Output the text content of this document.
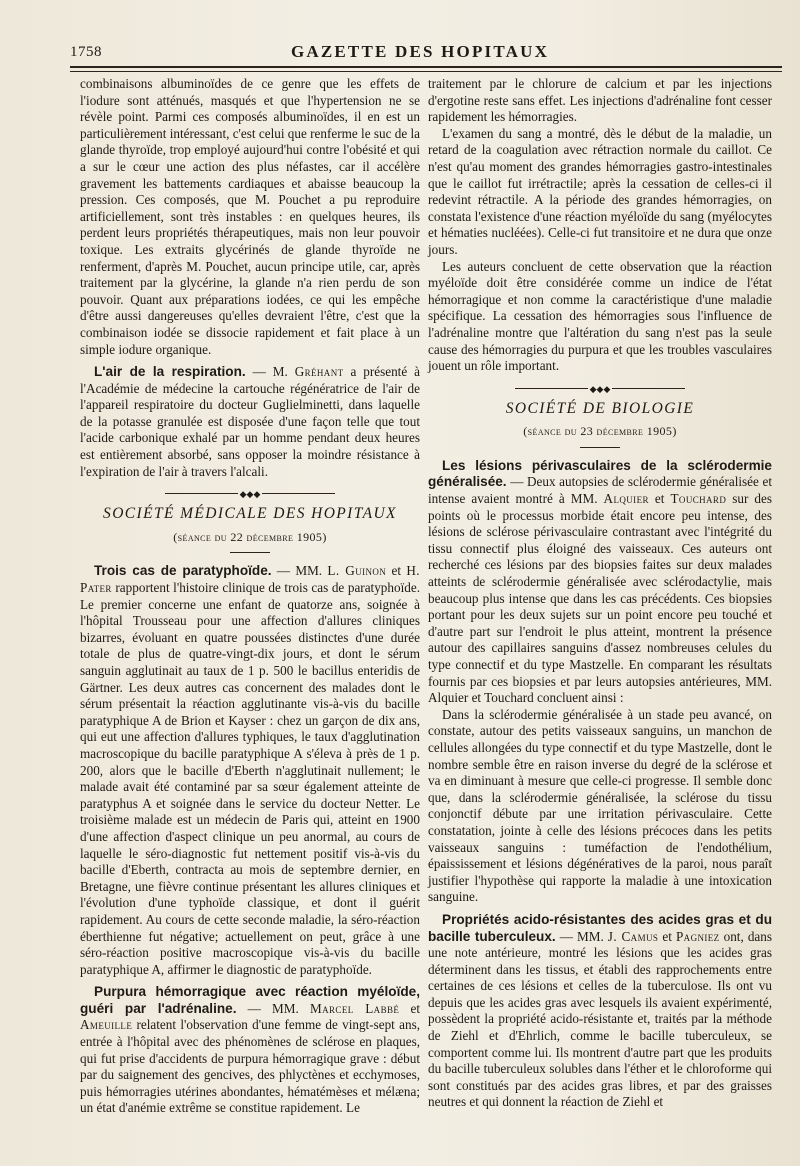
1758	GAZETTE DES HOPITAUX

combinaisons albuminoïdes de ce genre que les effets de l'iodure sont atténués, masqués et que l'hypertension ne se révèle point. Parmi ces composés albuminoïdes, il en est un particulièrement intéressant, c'est celui que renferme le suc de la glande thyroïde, trop employé aujourd'hui contre l'obésité et qui a sur le cœur une action des plus néfastes, car il accélère gravement les battements cardiaques et abaisse beaucoup la pression. Ces composés, que M. Pouchet a pu reproduire artificiellement, sont très instables : en quelques heures, ils perdent leurs propriétés thérapeutiques, mais non leur pouvoir toxique. Les extraits glycérinés de glande thyroïde ne renferment, d'après M. Pouchet, aucun principe utile, car, après traitement par la glycérine, la glande n'a rien perdu de son pouvoir. Quant aux préparations iodées, ce qui les empêche d'être aussi dangereuses qu'elles devraient l'être, c'est que la combinaison iodée se dissocie rapidement et fait place à un simple iodure organique.

L'air de la respiration. — M. Gréhant a présenté à l'Académie de médecine la cartouche régénératrice de l'air de l'appareil respiratoire du docteur Guglielminetti, dans laquelle de la potasse granulée est disposée d'une façon telle que tout l'acide carbonique exhalé par un homme pendant deux heures est entièrement absorbé, sans opposer la moindre résistance à l'expiration de l'air à travers l'alcali.

◆◆◆
SOCIÉTÉ MÉDICALE DES HOPITAUX
(séance du 22 décembre 1905)

Trois cas de paratyphoïde. — MM. L. Guinon et H. Pater rapportent l'histoire clinique de trois cas de paratyphoïde. Le premier concerne une enfant de quatorze ans, soignée à l'hôpital Trousseau pour une affection d'allures cliniques bizarres, évoluant en quatre poussées distinctes d'une durée totale de plus de quatre-vingt-dix jours, et dont le sérum sanguin agglutinait au taux de 1 p. 500 le bacillus enteridis de Gärtner. Les deux autres cas concernent des malades dont le sérum présentait la réaction agglutinante vis-à-vis du bacille paratyphique A de Brion et Kayser : chez un garçon de dix ans, qui eut une affection d'allures typhiques, le taux d'agglutination macroscopique du bacille paratyphique A s'éleva à près de 1 p. 200, alors que le bacille d'Eberth n'agglutinait nullement; le malade avait été contaminé par sa sœur également atteinte de paratyphus A et soignée dans le service du docteur Netter. Le troisième malade est un médecin de Paris qui, atteint en 1900 d'une affection d'aspect clinique un peu anormal, au cours de laquelle le séro-diagnostic fut nettement positif vis-à-vis du bacille d'Eberth, contracta au mois de septembre dernier, en Bretagne, une fièvre continue présentant les allures cliniques et l'évolution d'une typhoïde classique, et dont il guérit rapidement. Au cours de cette seconde maladie, la séro-réaction éberthienne fut négative; actuellement on peut, grâce à une séro-réaction positive macroscopique vis-à-vis du bacille paratyphique A, affirmer le diagnostic de paratyphoïde.

Purpura hémorragique avec réaction myéloïde, guéri par l'adrénaline. — MM. Marcel Labbé et Ameuille relatent l'observation d'une femme de vingt-sept ans, entrée à l'hôpital avec des phénomènes de sclérose en plaques, qui fut prise d'accidents de purpura hémorragique grave : début par du saignement des gencives, des phlyctènes et ecchymoses, puis hémorragies utérines abondantes, hématémèses et mélæna; un état d'anémie extrême se constitue rapidement. Le

traitement par le chlorure de calcium et par les injections d'ergotine reste sans effet. Les injections d'adrénaline font cesser rapidement les hémorragies.

L'examen du sang a montré, dès le début de la maladie, un retard de la coagulation avec rétraction normale du caillot. Ce n'est qu'au moment des grandes hémorragies gastro-intestinales que le caillot fut irrétractile; après la cessation de celles-ci il redevint rétractile. A la période des grandes hémorragies, on constata l'existence d'une réaction myéloïde du sang (myélocytes et hématies nucléées). Celle-ci fut transitoire et ne dura que onze jours.

Les auteurs concluent de cette observation que la réaction myéloïde doit être considérée comme un indice de l'état hémorragique et non comme la caractéristique d'une maladie spécifique. La cessation des hémorragies sous l'influence de l'adrénaline montre que l'altération du sang n'est pas la seule cause des hémorragies du purpura et que les troubles vasculaires jouent un rôle important.

◆◆◆
SOCIÉTÉ DE BIOLOGIE
(séance du 23 décembre 1905)

Les lésions périvasculaires de la sclérodermie généralisée. — Deux autopsies de sclérodermie généralisée et intense avaient montré à MM. Alquier et Touchard sur des points où le processus morbide était encore peu intense, des lésions de sclérose périvasculaire contrastant avec l'intégrité du tissu connectif plus éloigné des vaisseaux. Ces auteurs ont recherché ces lésions par des biopsies faites sur deux malades atteints de sclérodermie généralisée avec sclérodactylie, mais beaucoup plus intense que dans les cas précédents. Ces biopsies portant pour les deux sujets sur un point encore peu touché et d'autre part sur l'endroit le plus atteint, montrent la présence autour des capillaires sanguins d'assez nombreuses celules du type connectif et du type Mastzelle. En comparant les résultats fournis par ces biopsies et par leurs autopsies antérieures, MM. Alquier et Touchard concluent ainsi :

Dans la sclérodermie généralisée à un stade peu avancé, on constate, autour des petits vaisseaux sanguins, un manchon de cellules allongées du type connectif et du type Mastzelle, dont le nombre semble être en raison inverse du degré de la sclérose et va en diminuant à mesure que celle-ci progresse. Il semble donc que, dans la sclérodermie généralisée, la sclérose du tissu conjonctif débute par une irritation périvasculaire. Cette constatation, jointe à celle des lésions précoces dans les petits vaisseaux sanguins : tuméfaction de l'endothélium, épaississement et lésions dégénératives de la paroi, nous paraît justifier l'hypothèse qui rapporte la maladie à une intoxication sanguine.

Propriétés acido-résistantes des acides gras et du bacille tuberculeux. — MM. J. Camus et Pagniez ont, dans une note antérieure, montré les lésions que les acides gras déterminent dans les tissus, et établi des rapprochements entre certaines de ces lésions et celles de la tuberculose. Ils ont vu depuis que les acides gras avec lesquels ils avaient expérimenté, possèdent la propriété acido-résistante et, traités par la méthode de Ziehl et d'Ehrlich, comme le bacille tuberculeux, se comportent comme lui. Ils montrent d'autre part que les produits du bacille tuberculeux solubles dans l'éther et le chloroforme qui sont constitués par des acides gras libres, et par des graisses neutres et qui donnent la réaction de Ziehl et
